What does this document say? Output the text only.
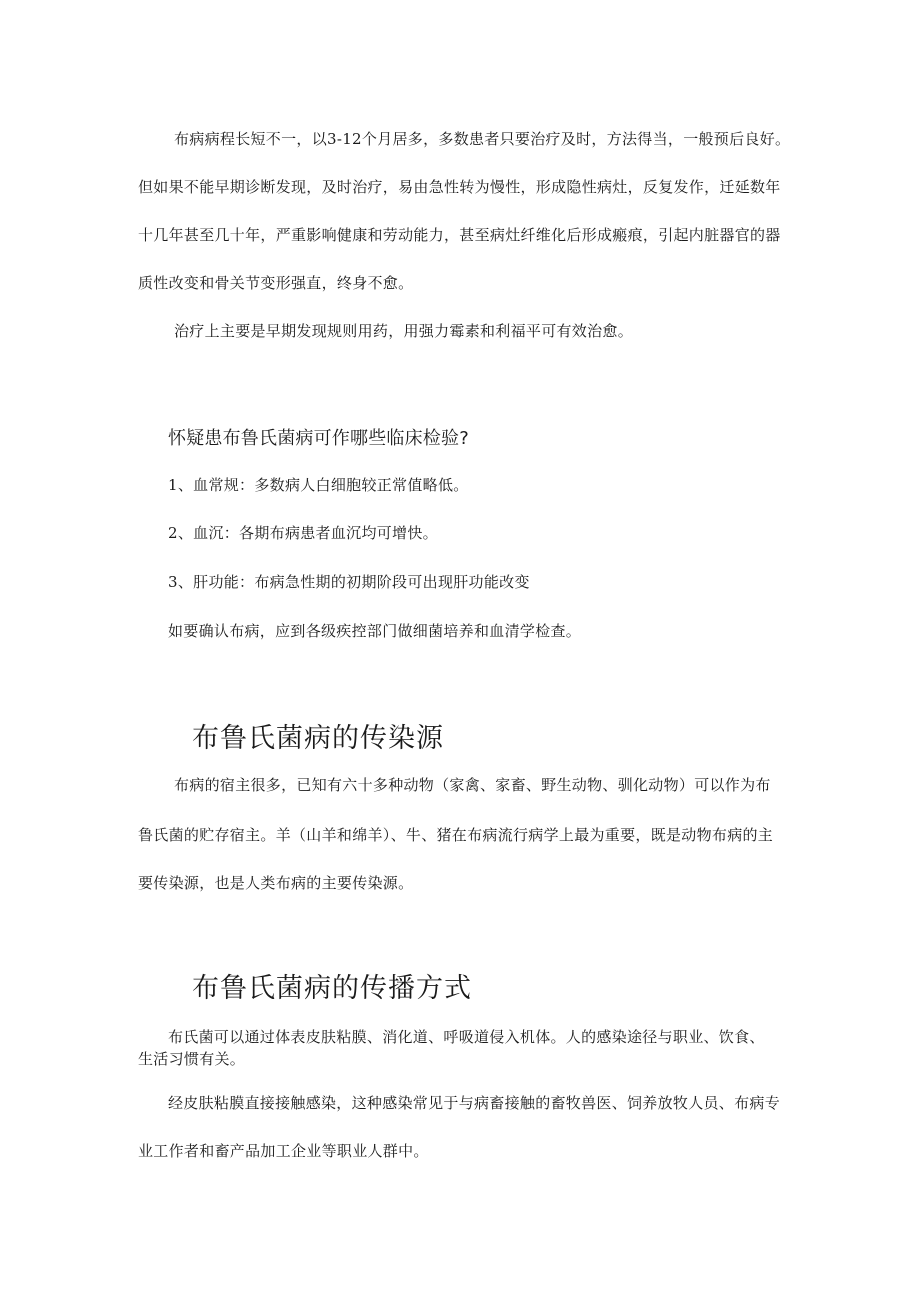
布病病程长短不一，以3-12个月居多，多数患者只要治疗及时，方法得当，一般预后良好。
但如果不能早期诊断发现，及时治疗，易由急性转为慢性，形成隐性病灶，反复发作，迁延数年
十几年甚至几十年，严重影响健康和劳动能力，甚至病灶纤维化后形成瘢痕，引起内脏器官的器
质性改变和骨关节变形强直，终身不愈。
治疗上主要是早期发现规则用药，用强力霉素和利福平可有效治愈。
怀疑患布鲁氏菌病可作哪些临床检验?
1、血常规：多数病人白细胞较正常值略低。
2、血沉：各期布病患者血沉均可增快。
3、肝功能：布病急性期的初期阶段可出现肝功能改变
如要确认布病，应到各级疾控部门做细菌培养和血清学检查。
布鲁氏菌病的传染源
布病的宿主很多，已知有六十多种动物（家禽、家畜、野生动物、驯化动物）可以作为布
鲁氏菌的贮存宿主。羊（山羊和绵羊）、牛、猪在布病流行病学上最为重要，既是动物布病的主
要传染源，也是人类布病的主要传染源。
布鲁氏菌病的传播方式
布氏菌可以通过体表皮肤粘膜、消化道、呼吸道侵入机体。人的感染途径与职业、饮食、
生活习惯有关。
经皮肤粘膜直接接触感染，这种感染常见于与病畜接触的畜牧兽医、饲养放牧人员、布病专
业工作者和畜产品加工企业等职业人群中。
